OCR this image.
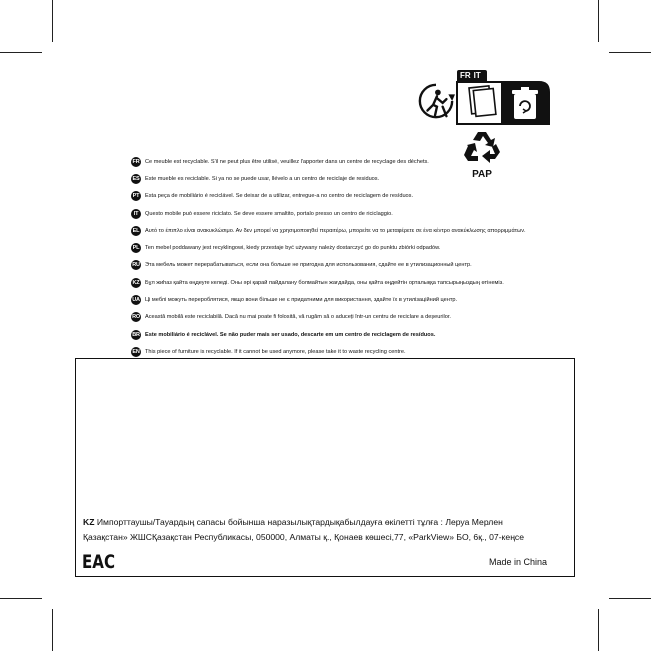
FR IT
PAP
FR Ce meuble est recyclable. S'il ne peut plus être utilisé, veuillez l'apporter dans un centre de recyclage des déchets.
ES Este mueble es reciclable. Si ya no se puede usar, llévelo a un centro de reciclaje de residuos.
PT	Esta peça de mobiliário é reciclável. Se deixar de a utilizar, entregue-a no centro de reciclagem de resíduos.
IT	Questo mobile può essere riciclato. Se deve essere smaltito, portalo presso un centro de riciclaggio.
EL	Αυτό το έπιπλο είναι ανακυκλώσιμο. Αν δεν μπορεί να χρησιμοποιηθεί περαιτέρω, μπορείτε να το μεταφέρετε σε ένα κέντρο ανακύκλωσης απορριμμάτων.
PL	Ten mebel poddawany jest recyklingowi, kiedy przestaje być używany należy dostarczyć go do punktu zbiórki odpadów.
RU Эта мебель может перерабатываться, если она больше не пригодна для использования, сдайте ее в утилизационный центр.
KZ Бұл жиһаз қайта өңдеуге келеді. Оны әрі қарай пайдалану болмайтын жағдайда, оны қайта өңдейтін орталыққа тапсырыңыздың өтінеміз.
UA Ці меблі можуть перероблятися, якщо вони більше не є придатними для використання, здайте їх в утилізаційний центр.
RO Această mobilă este reciclabilă. Dacă nu mai poate fi folosită, vă rugăm să o aduceți într-un centru de reciclare a deșeurilor.
BR Este mobiliário é reciclável. Se não puder mais ser usado, descarte em um centro de reciclagem de resíduos.
EN This piece of furniture is recyclable. If it cannot be used anymore, please take it to waste recycling centre.
KZ Импорттаушы/Тауардың сапасы бойынша наразылықтардықабылдауға өкілетті тұлға : Леруа Мерлен
Қазақстан» ЖШСҚазақстан Республикасы, 050000, Алматы қ., Қонаев көшесі,77, «ParkView» БО, 6қ., 07-кеңсе
EAC	Made in China
